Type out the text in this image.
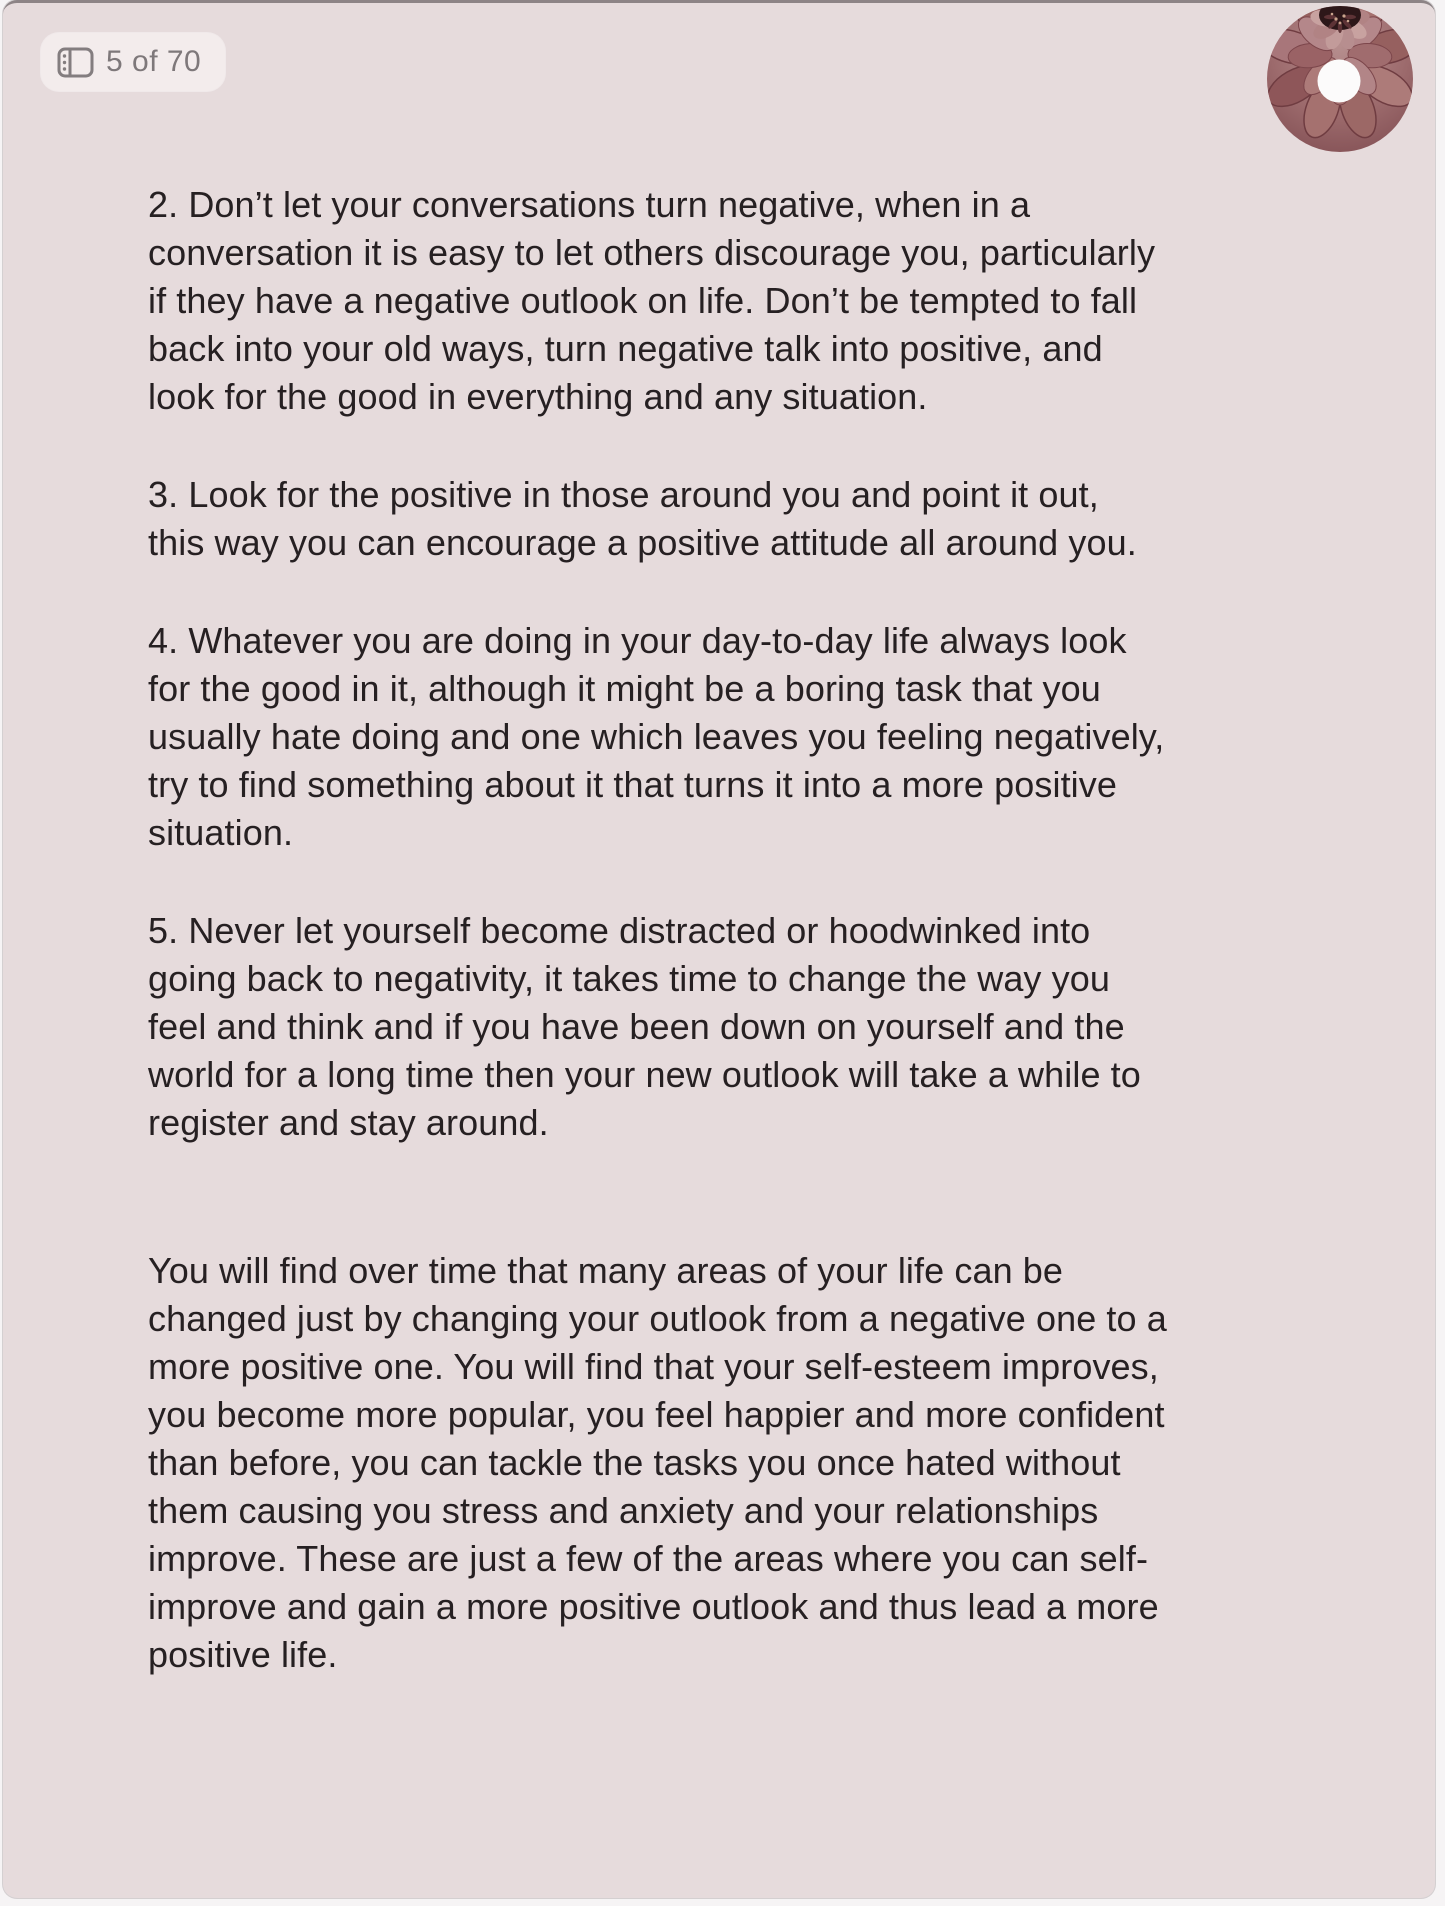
5 of 70
2. Don’t let your conversations turn negative, when in a
conversation it is easy to let others discourage you, particularly
if they have a negative outlook on life. Don’t be tempted to fall
back into your old ways, turn negative talk into positive, and
look for the good in everything and any situation.
3. Look for the positive in those around you and point it out,
this way you can encourage a positive attitude all around you.
4. Whatever you are doing in your day-to-day life always look
for the good in it, although it might be a boring task that you
usually hate doing and one which leaves you feeling negatively,
try to find something about it that turns it into a more positive
situation.
5. Never let yourself become distracted or hoodwinked into
going back to negativity, it takes time to change the way you
feel and think and if you have been down on yourself and the
world for a long time then your new outlook will take a while to
register and stay around.
You will find over time that many areas of your life can be
changed just by changing your outlook from a negative one to a
more positive one. You will find that your self-esteem improves,
you become more popular, you feel happier and more confident
than before, you can tackle the tasks you once hated without
them causing you stress and anxiety and your relationships
improve. These are just a few of the areas where you can self-
improve and gain a more positive outlook and thus lead a more
positive life.
